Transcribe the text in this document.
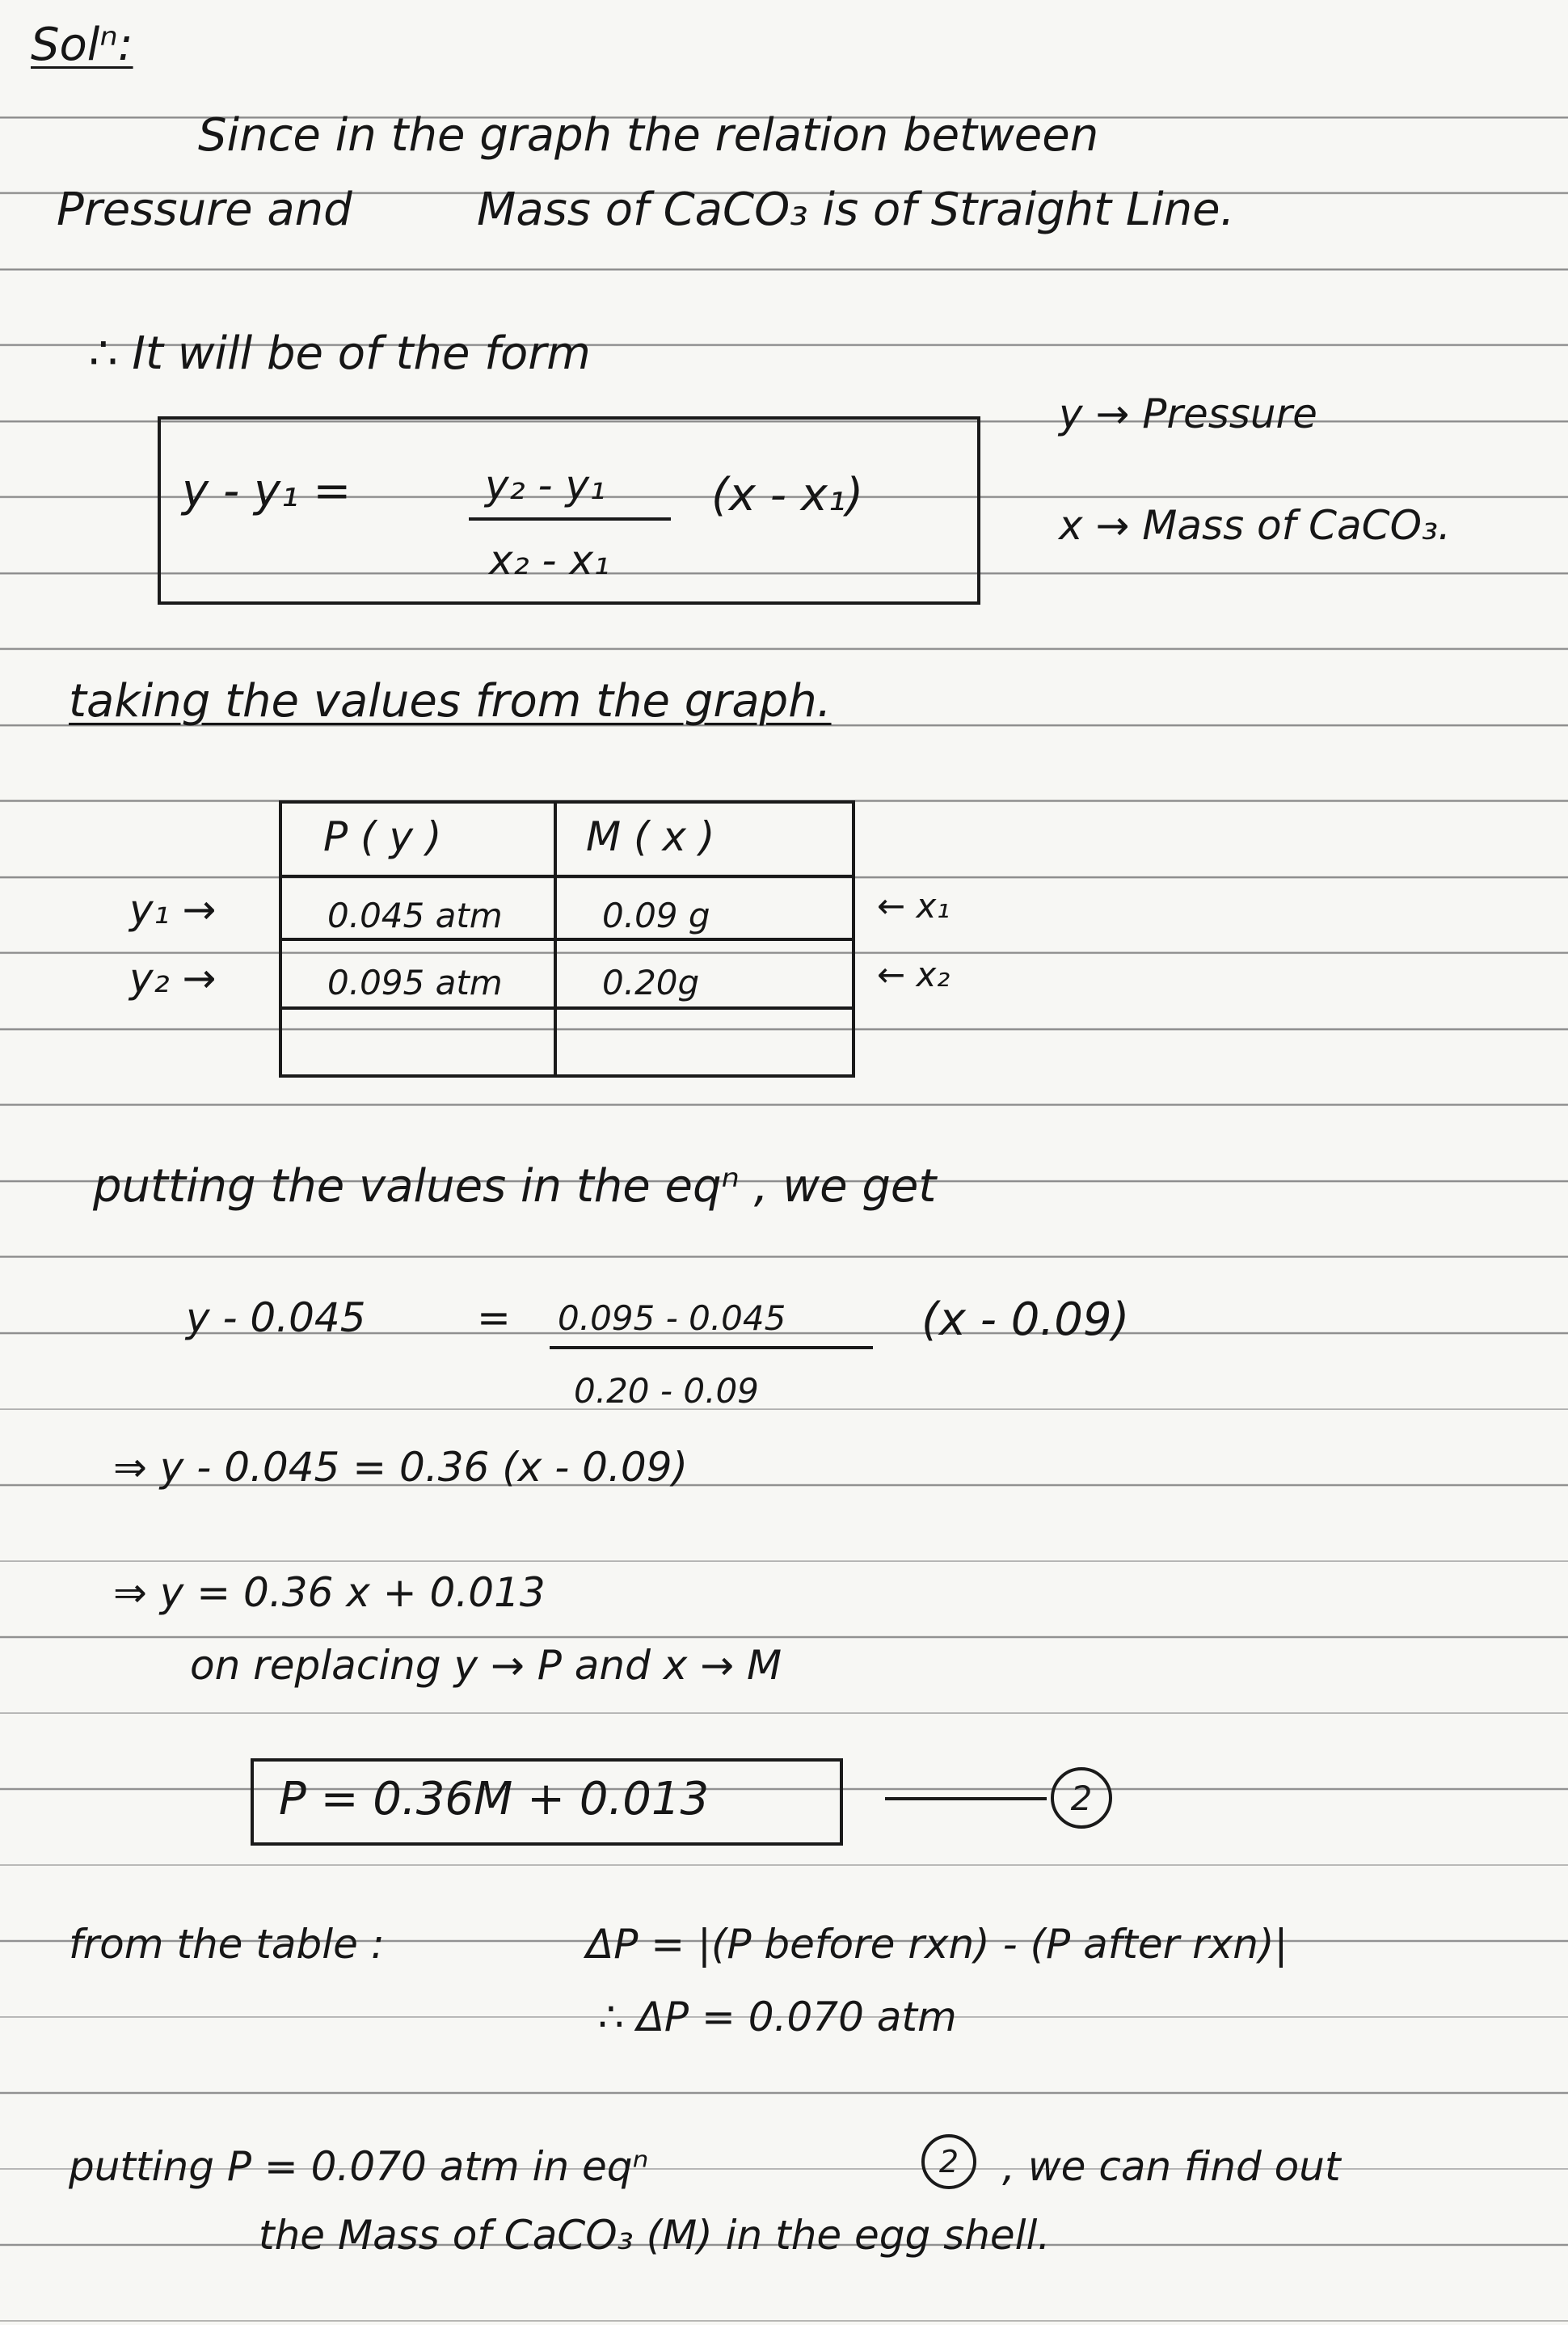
Solⁿ:
Since in the graph the relation between
Pressure and	Mass of CaCO₃ is of Straight Line.
∴ It will be of the form
y - y₁ =	y₂ - y₁
x₂ - x₁
(x - x₁)
y → Pressure
x → Mass of CaCO₃.
taking the values from the graph.
P ( y )	M ( x )
y₁ →	0.045 atm	0.09 g	← x₁
y₂ →	0.095 atm	0.20g	← x₂
putting the values in the eqⁿ , we get
y - 0.045	= 0.095 - 0.045
0.20 - 0.09
(x - 0.09)
⇒ y - 0.045 = 0.36 (x - 0.09)
⇒ y = 0.36 x + 0.013
on replacing y → P and x → M
P = 0.36M + 0.013	2
from the table :	ΔP = |(P before rxn) - (P after rxn)|
∴ ΔP = 0.070 atm
putting P = 0.070 atm in eqⁿ	2	, we can find out
the Mass of CaCO₃ (M) in the egg shell.
